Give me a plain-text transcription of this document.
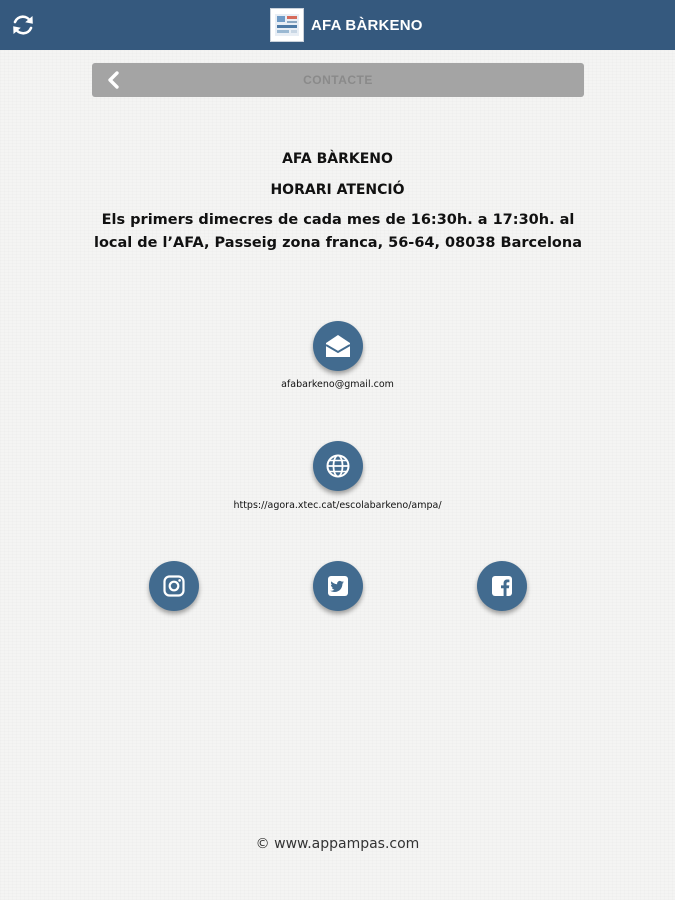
AFA BÀRKENO
CONTACTE
AFA BÀRKENO
HORARI ATENCIÓ
Els primers dimecres de cada mes de 16:30h. a 17:30h. al local de l’AFA, Passeig zona franca, 56-64, 08038 Barcelona
afabarkeno@gmail.com
https://agora.xtec.cat/escolabarkeno/ampa/
© www.appampas.com
